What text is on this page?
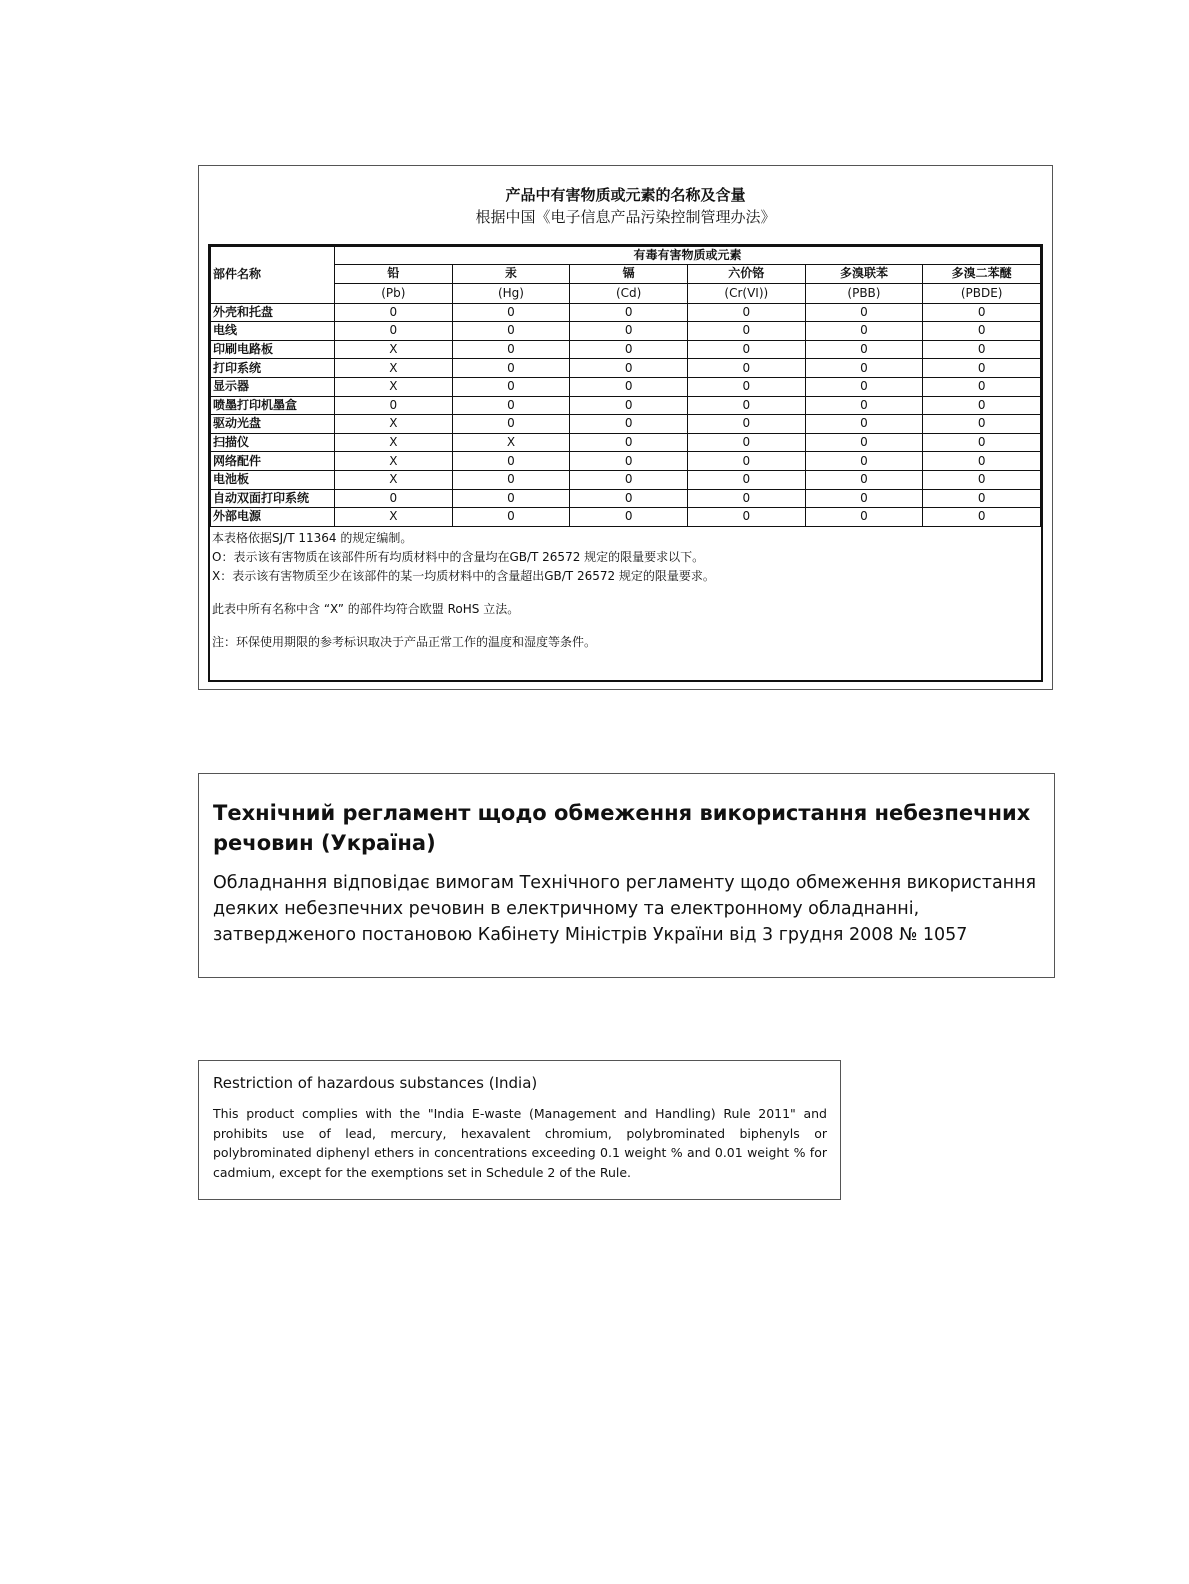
产品中有害物质或元素的名称及含量
根据中国《电子信息产品污染控制管理办法》
部件名称	有毒有害物质或元素					
	铅	汞	镉	六价铬	多溴联苯	多溴二苯醚
	(Pb)	(Hg)	(Cd)	(Cr(VI))	(PBB)	(PBDE)
外壳和托盘	0	0	0	0	0	0
电线	0	0	0	0	0	0
印刷电路板	X	0	0	0	0	0
打印系统	X	0	0	0	0	0
显示器	X	0	0	0	0	0
喷墨打印机墨盒	0	0	0	0	0	0
驱动光盘	X	0	0	0	0	0
扫描仪	X	X	0	0	0	0
网络配件	X	0	0	0	0	0
电池板	X	0	0	0	0	0
自动双面打印系统	0	0	0	0	0	0
外部电源	X	0	0	0	0	0

本表格依据SJ/T 11364 的规定编制。

O：表示该有害物质在该部件所有均质材料中的含量均在GB/T 26572 规定的限量要求以下。

X：表示该有害物质至少在该部件的某一均质材料中的含量超出GB/T 26572 规定的限量要求。

此表中所有名称中含 “X” 的部件均符合欧盟 RoHS 立法。

注：环保使用期限的参考标识取决于产品正常工作的温度和湿度等条件。

Технічний регламент щодо обмеження використання небезпечних речовин (Україна)
Обладнання відповідає вимогам Технічного регламенту щодо обмеження використання деяких небезпечних речовин в електричному та електронному обладнанні, затвердженого постановою Кабінету Міністрів України від 3 грудня 2008 № 1057
Restriction of hazardous substances (India)
This product complies with the "India E-waste (Management and Handling) Rule 2011" and prohibits use of lead, mercury, hexavalent chromium, polybrominated biphenyls or polybrominated diphenyl ethers in concentrations exceeding 0.1 weight % and 0.01 weight % for cadmium, except for the exemptions set in Schedule 2 of the Rule.
